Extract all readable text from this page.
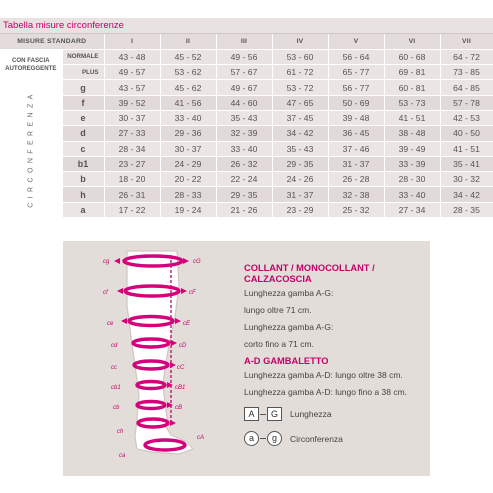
Tabella misure circonferenze
MISURE STANDARD		I	II	III	IV	V	VI	VII

CON FASCIA
AUTOREGGENTE	NORMALE	43 - 48	45 - 52	49 - 56	53 - 60	56 - 64	60 - 68	64 - 72
	PLUS	49 - 57	53 - 62	57 - 67	61 - 72	65 - 77	69 - 81	73 - 85

CIRCONFERENZA	g	43 - 57	45 - 62	49 - 67	53 - 72	56 - 77	60 - 81	64 - 85
	f	39 - 52	41 - 56	44 - 60	47 - 65	50 - 69	53 - 73	57 - 78
	e	30 - 37	33 - 40	35 - 43	37 - 45	39 - 48	41 - 51	42 - 53
	d	27 - 33	29 - 36	32 - 39	34 - 42	36 - 45	38 - 48	40 - 50
	c	28 - 34	30 - 37	33 - 40	35 - 43	37 - 46	39 - 49	41 - 51
	b1	23 - 27	24 - 29	26 - 32	29 - 35	31 - 37	33 - 39	35 - 41
	b	18 - 20	20 - 22	22 - 24	24 - 26	26 - 28	28 - 30	30 - 32
	h	26 - 31	28 - 33	29 - 35	31 - 37	32 - 38	33 - 40	34 - 42
	a	17 - 22	19 - 24	21 - 26	23 - 29	25 - 32	27 - 34	28 - 35
cg
cf
ce
cd
cc
cb1
cb
ch
ca
cG
cF
cE
cD
cC
cB1
cB
cA
COLLANT / MONOCOLLANT /
CALZACOSCIA
Lunghezza gamba A-G:
lungo oltre 71 cm.
Lunghezza gamba A-G:
corto fino a 71 cm.
A-D GAMBALETTO
Lunghezza gamba A-D: lungo oltre 38 cm.
Lunghezza gamba A-D: lungo fino a 38 cm.
A	G	Lunghezza
a	g	Circonferenza
